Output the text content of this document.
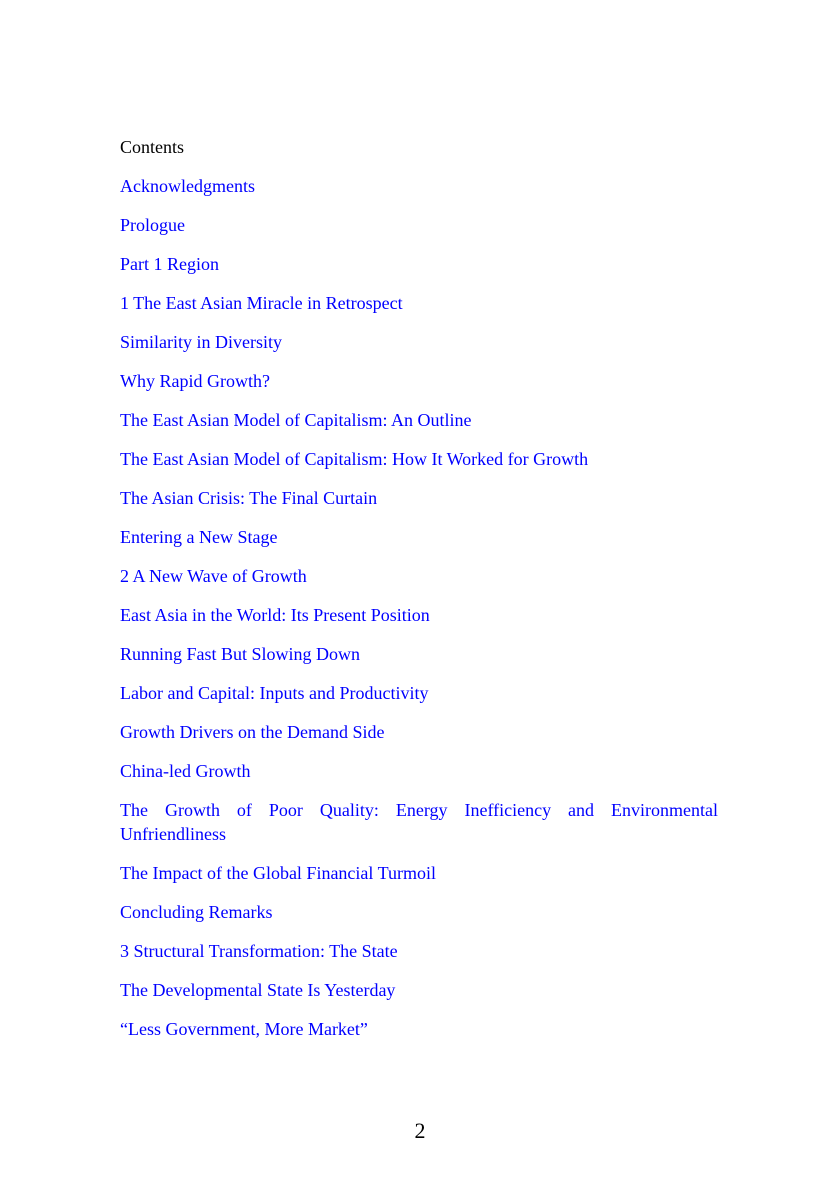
Contents
Acknowledgments
Prologue
Part 1 Region
1 The East Asian Miracle in Retrospect
Similarity in Diversity
Why Rapid Growth?
The East Asian Model of Capitalism: An Outline
The East Asian Model of Capitalism: How It Worked for Growth
The Asian Crisis: The Final Curtain
Entering a New Stage
2 A New Wave of Growth
East Asia in the World: Its Present Position
Running Fast But Slowing Down
Labor and Capital: Inputs and Productivity
Growth Drivers on the Demand Side
China-led Growth
The Growth of Poor Quality: Energy Inefficiency and Environmental Unfriendliness
The Impact of the Global Financial Turmoil
Concluding Remarks
3 Structural Transformation: The State
The Developmental State Is Yesterday
“Less Government, More Market”
2
